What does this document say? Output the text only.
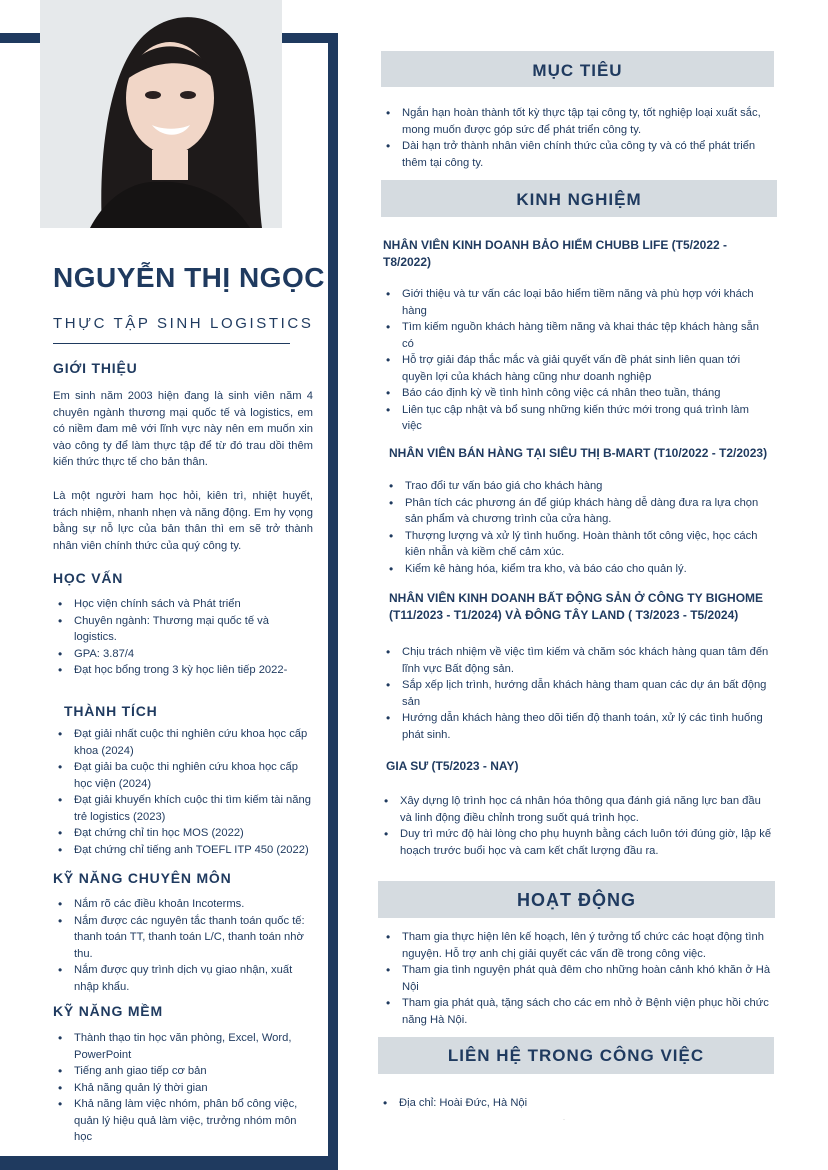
NGUYỄN THỊ NGỌC
THỰC TẬP SINH LOGISTICS
GIỚI THIỆU
Em sinh năm 2003 hiện đang là sinh viên năm 4 chuyên ngành thương mại quốc tế và logistics, em có niềm đam mê với lĩnh vực này nên em muốn xin vào công ty để làm thực tập để từ đó trau dồi thêm kiến thức thực tế cho bản thân.
Là một người ham học hỏi, kiên trì, nhiệt huyết, trách nhiệm, nhanh nhẹn và năng động. Em hy vọng bằng sự nỗ lực của bản thân thì em sẽ trở thành nhân viên chính thức của quý công ty.
HỌC VẤN
• Học viện chính sách và Phát triển
• Chuyên ngành: Thương mại quốc tế và logistics.
• GPA: 3.87/4
• Đạt học bổng trong 3 kỳ học liên tiếp 2022-
THÀNH TÍCH
• Đạt giải nhất cuộc thi nghiên cứu khoa học cấp khoa (2024)
• Đạt giải ba cuộc thi nghiên cứu khoa học cấp học viện (2024)
• Đạt giải khuyến khích cuộc thi tìm kiếm tài năng trẻ logistics (2023)
• Đạt chứng chỉ tin học MOS (2022)
• Đạt chứng chỉ tiếng anh TOEFL ITP 450 (2022)
KỸ NĂNG CHUYÊN MÔN
• Nắm rõ các điều khoản Incoterms.
• Nắm được các nguyên tắc thanh toán quốc tế: thanh toán TT, thanh toán L/C, thanh toán nhờ thu.
• Nắm được quy trình dịch vụ giao nhận, xuất nhập khẩu.
KỸ NĂNG MỀM
• Thành thạo tin học văn phòng, Excel, Word, PowerPoint
• Tiếng anh giao tiếp cơ bản
• Khả năng quản lý thời gian
• Khả năng làm việc nhóm, phân bổ công việc, quản lý hiệu quả làm việc, trưởng nhóm môn học
MỤC TIÊU
• Ngắn hạn hoàn thành tốt kỳ thực tập tại công ty, tốt nghiệp loại xuất sắc, mong muốn được góp sức để phát triển công ty.
• Dài hạn trở thành nhân viên chính thức của công ty và có thể phát triển thêm tại công ty.
KINH NGHIỆM
NHÂN VIÊN KINH DOANH BẢO HIỂM CHUBB LIFE (T5/2022 - T8/2022)
• Giới thiệu và tư vấn các loại bảo hiểm tiềm năng và phù hợp với khách hàng
• Tìm kiếm nguồn khách hàng tiềm năng và khai thác tệp khách hàng sẵn có
• Hỗ trợ giải đáp thắc mắc và giải quyết vấn đề phát sinh liên quan tới quyền lợi của khách hàng cũng như doanh nghiệp
• Báo cáo định kỳ về tình hình công việc cá nhân theo tuần, tháng
• Liên tục cập nhật và bổ sung những kiến thức mới trong quá trình làm việc
NHÂN VIÊN BÁN HÀNG TẠI SIÊU THỊ B-MART (T10/2022 - T2/2023)
• Trao đổi tư vấn báo giá cho khách hàng
• Phân tích các phương án để giúp khách hàng dễ dàng đưa ra lựa chọn sản phẩm và chương trình của cửa hàng.
• Thượng lượng và xử lý tình huống. Hoàn thành tốt công việc, học cách kiên nhẫn và kiềm chế cảm xúc.
• Kiểm kê hàng hóa, kiểm tra kho, và báo cáo cho quản lý.
NHÂN VIÊN KINH DOANH BẤT ĐỘNG SẢN Ở CÔNG TY BIGHOME (T11/2023 - T1/2024) VÀ ĐÔNG TÂY LAND ( T3/2023 - T5/2024)
• Chịu trách nhiệm về việc tìm kiếm và chăm sóc khách hàng quan tâm đến lĩnh vực Bất động sản.
• Sắp xếp lịch trình, hướng dẫn khách hàng tham quan các dự án bất động sản
• Hướng dẫn khách hàng theo dõi tiến độ thanh toán, xử lý các tình huống phát sinh.
GIA SƯ (T5/2023 - NAY)
• Xây dựng lộ trình học cá nhân hóa thông qua đánh giá năng lực ban đầu và linh động điều chỉnh trong suốt quá trình học.
• Duy trì mức độ hài lòng cho phụ huynh bằng cách luôn tới đúng giờ, lập kế hoạch trước buổi học và cam kết chất lượng đầu ra.
HOẠT ĐỘNG
• Tham gia thực hiện lên kế hoạch, lên ý tưởng tổ chức các hoạt động tình nguyện. Hỗ trợ anh chị giải quyết các vấn đề trong công việc.
• Tham gia tình nguyện phát quà đêm cho những hoàn cảnh khó khăn ở Hà Nội
• Tham gia phát quà, tặng sách cho các em nhỏ ở Bệnh viện phục hồi chức năng Hà Nội.
LIÊN HỆ TRONG CÔNG VIỆC
• Địa chỉ: Hoài Đức, Hà Nội
·
